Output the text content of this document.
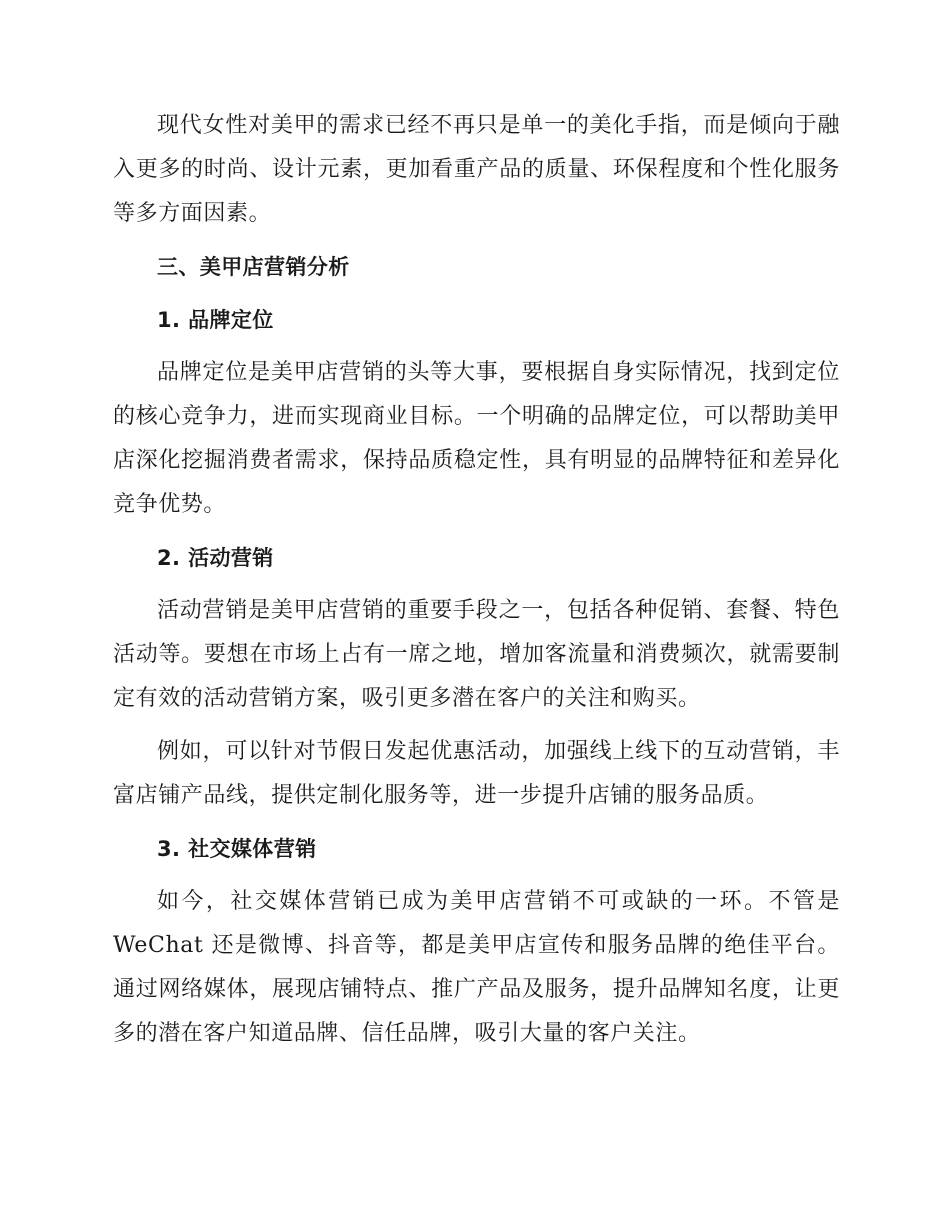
现代女性对美甲的需求已经不再只是单一的美化手指，而是倾向于融入更多的时尚、设计元素，更加看重产品的质量、环保程度和个性化服务等多方面因素。

三、美甲店营销分析
1. 品牌定位

品牌定位是美甲店营销的头等大事，要根据自身实际情况，找到定位的核心竞争力，进而实现商业目标。一个明确的品牌定位，可以帮助美甲店深化挖掘消费者需求，保持品质稳定性，具有明显的品牌特征和差异化竞争优势。

2. 活动营销

活动营销是美甲店营销的重要手段之一，包括各种促销、套餐、特色活动等。要想在市场上占有一席之地，增加客流量和消费频次，就需要制定有效的活动营销方案，吸引更多潜在客户的关注和购买。

例如，可以针对节假日发起优惠活动，加强线上线下的互动营销，丰富店铺产品线，提供定制化服务等，进一步提升店铺的服务品质。

3. 社交媒体营销

如今，社交媒体营销已成为美甲店营销不可或缺的一环。不管是 WeChat 还是微博、抖音等，都是美甲店宣传和服务品牌的绝佳平台。通过网络媒体，展现店铺特点、推广产品及服务，提升品牌知名度，让更多的潜在客户知道品牌、信任品牌，吸引大量的客户关注。
